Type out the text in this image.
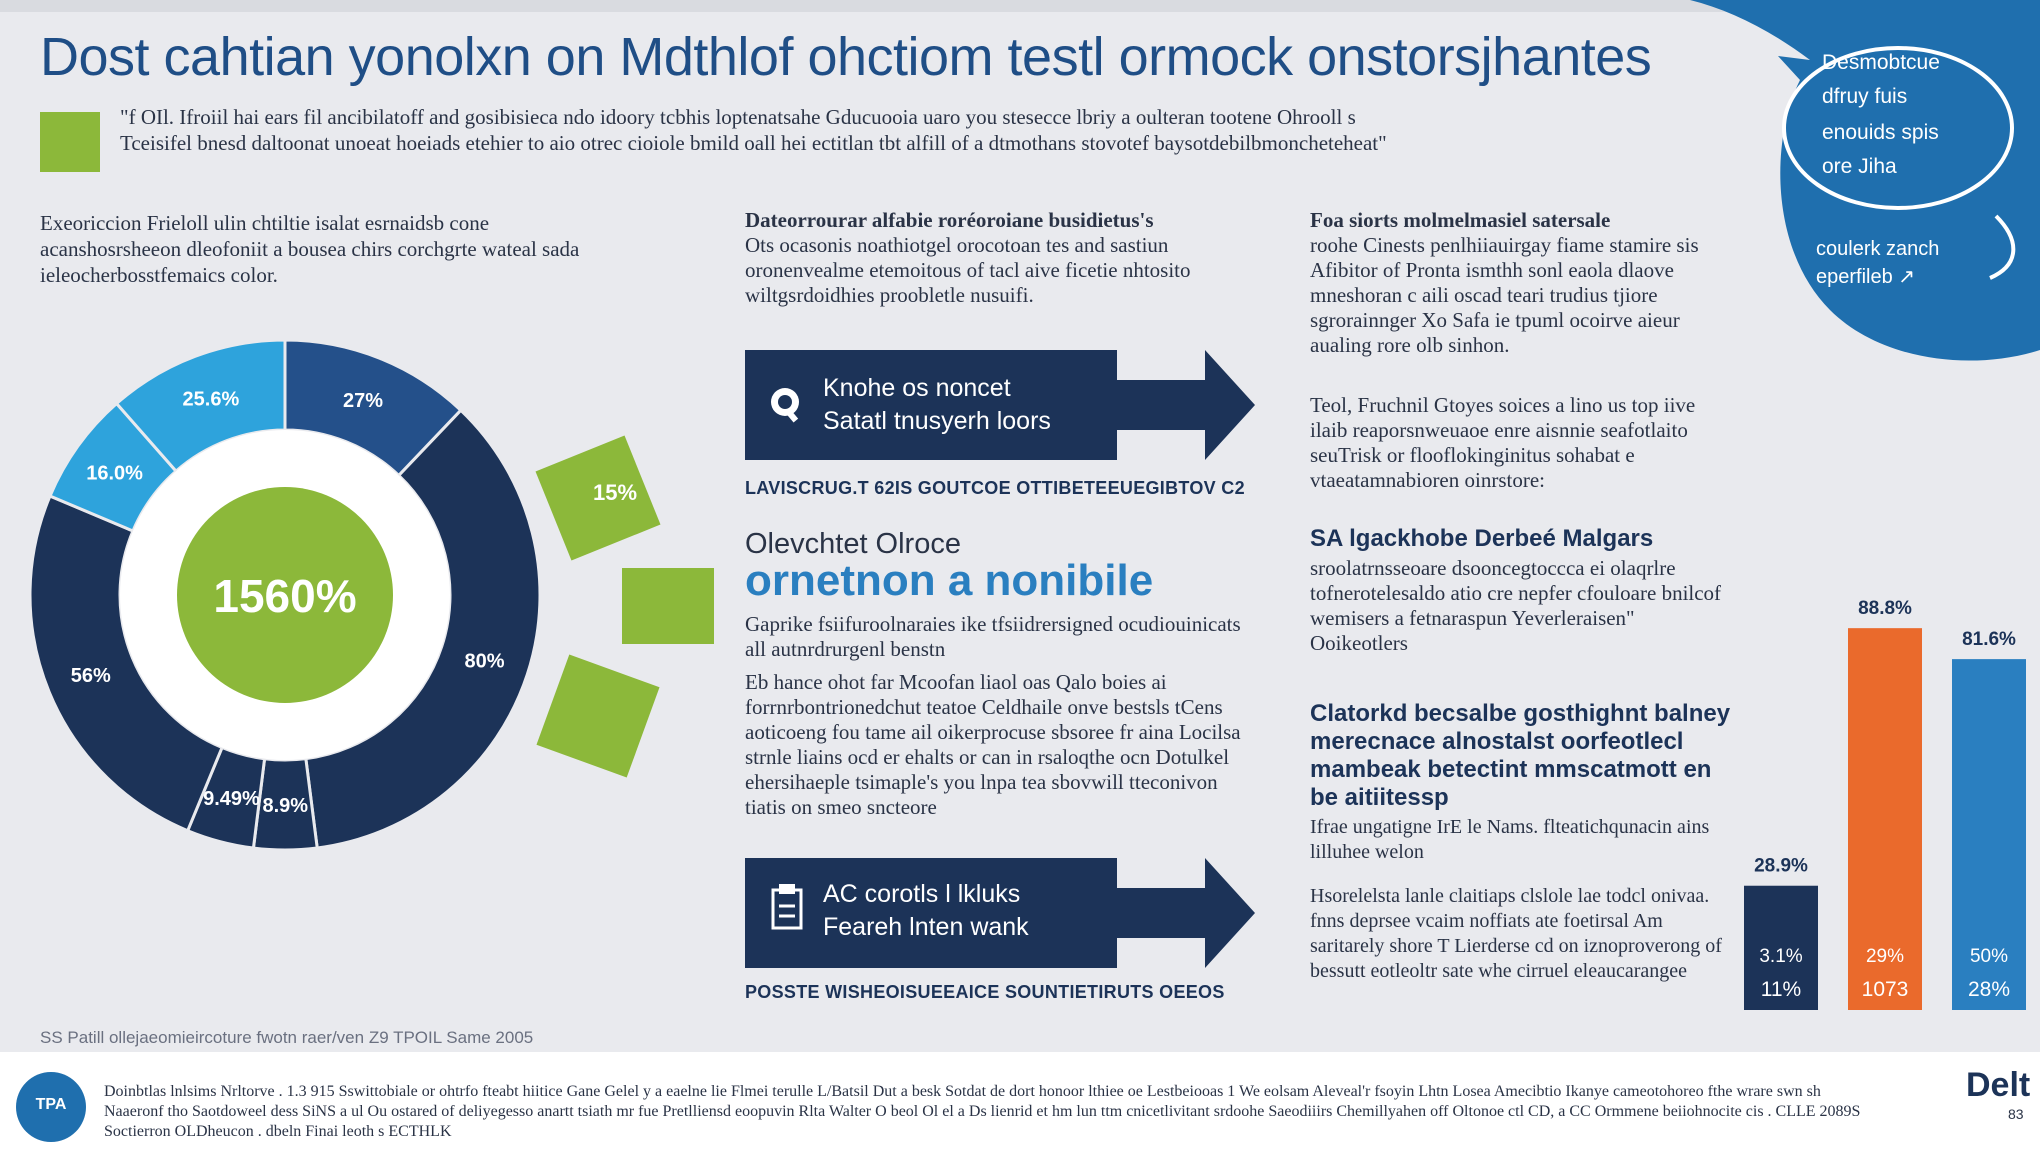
Dost cahtian yonolxn on Mdthlof ohctiom testl ormock onstorsjhantes	Desmobtcue
dfruy fuis
enouids spis
ore Jiha
coulerk zanch
eperfileb ↗
"f OIl. Ifroiil hai ears fil ancibilatoff and gosibisieca ndo idoory tcbhis loptenatsahe Gducuooia uaro you stesecce lbriy a oulteran tootene Ohrooll s Tceisifel bnesd daltoonat unoeat hoeiads etehier to aio otrec cioiole bmild oall hei ectitlan tbt alfill of a dtmothans stovotef baysotdebilbmoncheteheat"
Exeoriccion Frieloll ulin chtiltie isalat esrnaidsb cone acanshosrsheeon dleofoniit a bousea chirs corchgrte wateal sada ieleocherbosstfemaics color.
27%
80%
8.9%
9.49%
56%
16.0%
25.6%
1560%
15%
Dateorrourar alfabie roréoroiane busidietus's
Ots ocasonis noathiotgel orocotoan tes and sastiun oronenvealme etemoitous of tacl aive ficetie nhtosito wiltgsrdoidhies proobletle nusuifi.
Knohe os noncet
Satatl tnusyerh loors
LAVISCRUG.T 62IS GOUTCOE OTTIBETEEUEGIBTOV C2
Olevchtet Olroce
ornetnon a nonibile
Gaprike fsiifuroolnaraies ike tfsiidrersigned ocudiouinicats all autnrdrurgenl benstn
Eb hance ohot far Mcoofan liaol oas Qalo boies ai forrnrbontrionedchut teatoe Celdhaile onve bestsls tCens aoticoeng fou tame ail oikerprocuse sbsoree fr aina Locilsa strnle liains ocd er ehalts or can in rsaloqthe ocn Dotulkel ehersihaeple tsimaple's you lnpa tea sbovwill tteconivon tiatis on smeo sncteore
AC corotls l lkluks
Feareh lnten wank
POSSTE WISHEOISUEEAICE SOUNTIETIRUTS OEEOS
Foa siorts molmelmasiel satersale
roohe Cinests penlhiiauirgay fiame stamire sis Afibitor of Pronta ismthh sonl eaola dlaove mneshoran c aili oscad teari trudius tjiore sgrorainnger Xo Safa ie tpuml ocoirve aieur aualing rore olb sinhon.
Teol, Fruchnil Gtoyes soices a lino us top iive ilaib reaporsnweuaoe enre aisnnie seafotlaito seuTrisk or flooflokinginitus sohabat e vtaeatamnabioren oinrstore:
SA lgackhobe Derbeé Malgars
sroolatrnsseoare dsooncegtoccca ei olaqrlre tofnerotelesaldo atio cre nepfer cfouloare bnilcof wemisers a fetnaraspun Yeverleraisen" Ooikeotlers
Clatorkd becsalbe gosthighnt balney merecnace alnostalst oorfeotlecl mambeak betectint mmscatmott en be aitiitessp
Ifrae ungatigne IrE le Nams. flteatichqunacin ains lilluhee welon
Hsorelelsta lanle claitiaps clslole lae todcl onivaa. fnns deprsee vcaim noffiats ate foetirsal Am saritarely shore T Lierderse cd on iznoproverong of bessutt eotleoltr sate whe cirruel eleaucarangee
28.9%
3.1%
11%
88.8%
29%
1073
81.6%
50%
28%
SS Patill ollejaeomieircoture fwotn raer/ven Z9 TPOIL Same 2005
TPA
Doinbtlas lnlsims Nrltorve . 1.3 915 Sswittobiale or ohtrfo fteabt hiitice Gane Gelel y a eaelne lie Flmei terulle L/Batsil Dut a besk Sotdat de dort honoor lthiee oe Lestbeiooas 1 We eolsam Aleveal'r fsoyin Lhtn Losea Amecibtio Ikanye cameotohoreo fthe wrare swn sh Naaeronf tho Saotdoweel dess SiNS a ul Ou ostared of deliyegesso anartt tsiath mr fue Pretlliensd eoopuvin Rlta Walter O beol Ol el a Ds lienrid et hm lun ttm cnicetlivitant srdoohe Saeodiiirs Chemillyahen off Oltonoe ctl CD, a CC Ormmene beiiohnocite cis . CLLE 2089S Soctierron OLDheucon . dbeln Finai leoth s ECTHLK
Delt
83
